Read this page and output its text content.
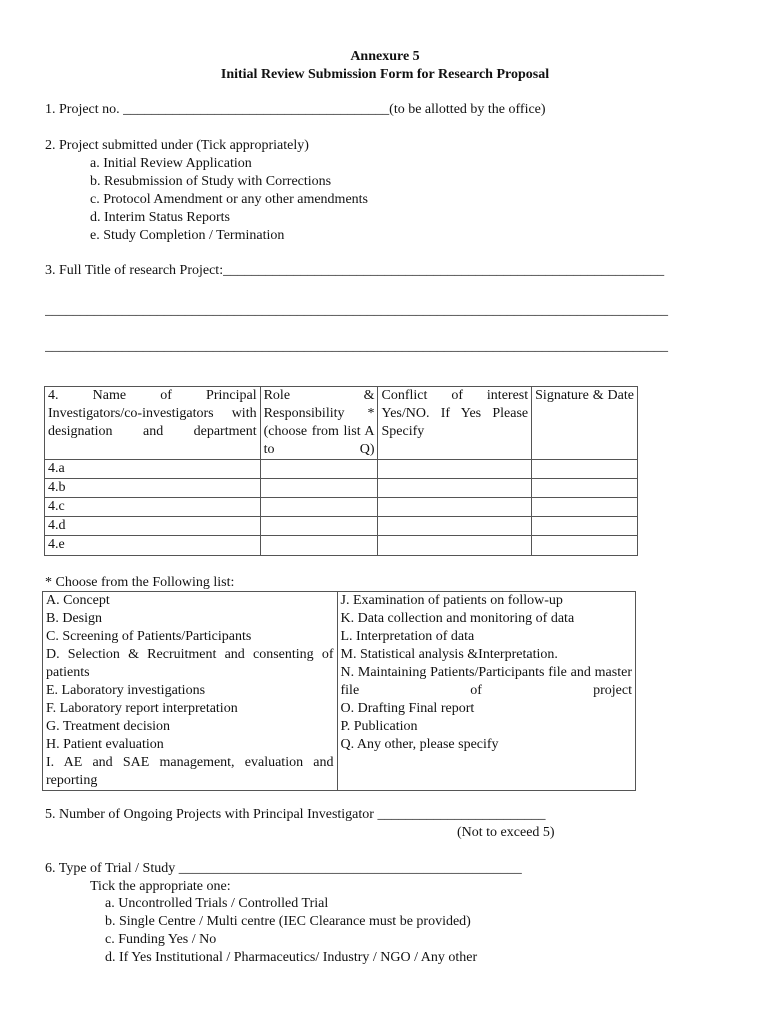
Annexure 5
Initial Review Submission Form for Research Proposal
1. Project no. ______________________________________(to be allotted by the office)
2. Project submitted under (Tick appropriately)
a. Initial Review Application
b. Resubmission of Study with Corrections
c. Protocol Amendment or any other amendments
d. Interim Status Reports
e. Study Completion / Termination
3. Full Title of research Project:_______________________________________________________________
_________________________________________________________________________________________
_________________________________________________________________________________________
4. Name of Principal Investigators/co-investigators with designation and department	Role & Responsibility *(choose from list A to Q)	Conflict of interest Yes/NO. If Yes Please Specify	Signature & Date
4.a			
4.b			
4.c			
4.d			
4.e			
* Choose from the Following list:
A. Concept
B. Design
C. Screening of Patients/Participants
D. Selection & Recruitment and consenting of patients
E. Laboratory investigations
F. Laboratory report interpretation
G. Treatment decision
H. Patient evaluation
I. AE and SAE management, evaluation and reporting

J. Examination of patients on follow-up
K. Data collection and monitoring of data
L. Interpretation of data
M. Statistical analysis &Interpretation.
N. Maintaining Patients/Participants file and master file of project
O. Drafting Final report
P. Publication
Q. Any other, please specify
5. Number of Ongoing Projects with Principal Investigator ________________________
(Not to exceed 5)
6. Type of Trial / Study _________________________________________________
Tick the appropriate one:
a. Uncontrolled Trials / Controlled Trial
b. Single Centre / Multi centre (IEC Clearance must be provided)
c. Funding Yes / No
d. If Yes Institutional / Pharmaceutics/ Industry / NGO / Any other
